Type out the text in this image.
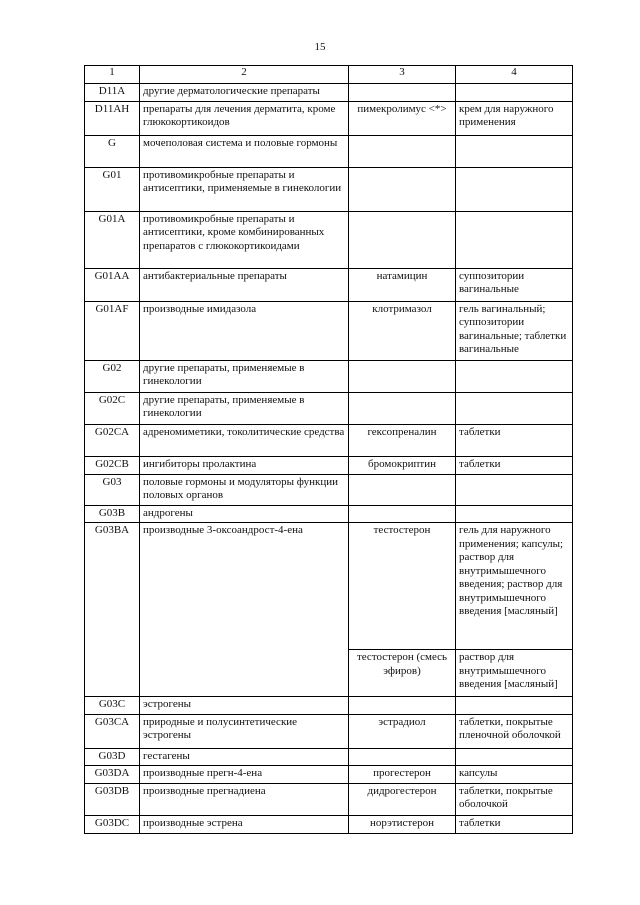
15
1	2	3	4
D11A	другие дерматологические препараты		
D11AH	препараты для лечения дерматита, кроме глюкокортикоидов	пимекролимус <*>	крем для наружного применения
G	мочеполовая система и половые гормоны		
G01	противомикробные препараты и антисептики, применяемые в гинекологии		
G01A	противомикробные препараты и антисептики, кроме комбинированных препаратов с глюкокортикоидами		
G01AA	антибактериальные препараты	натамицин	суппозитории вагинальные
G01AF	производные имидазола	клотримазол	гель вагинальный; суппозитории вагинальные; таблетки вагинальные
G02	другие препараты, применяемые в гинекологии		
G02C	другие препараты, применяемые в гинекологии		
G02CA	адреномиметики, токолитические средства	гексопреналин	таблетки
G02CB	ингибиторы пролактина	бромокриптин	таблетки
G03	половые гормоны и модуляторы функции половых органов		
G03B	андрогены		
G03BA	производные 3-оксоандрост-4-ена	тестостерон	гель для наружного применения; капсулы; раствор для внутримышечного введения; раствор для внутримышечного введения [масляный]
		тестостерон (смесь эфиров)	раствор для внутримышечного введения [масляный]
G03C	эстрогены		
G03CA	природные и полусинтетические эстрогены	эстрадиол	таблетки, покрытые пленочной оболочкой
G03D	гестагены		
G03DA	производные прегн-4-ена	прогестерон	капсулы
G03DB	производные прегнадиена	дидрогестерон	таблетки, покрытые оболочкой
G03DC	производные эстрена	норэтистерон	таблетки
